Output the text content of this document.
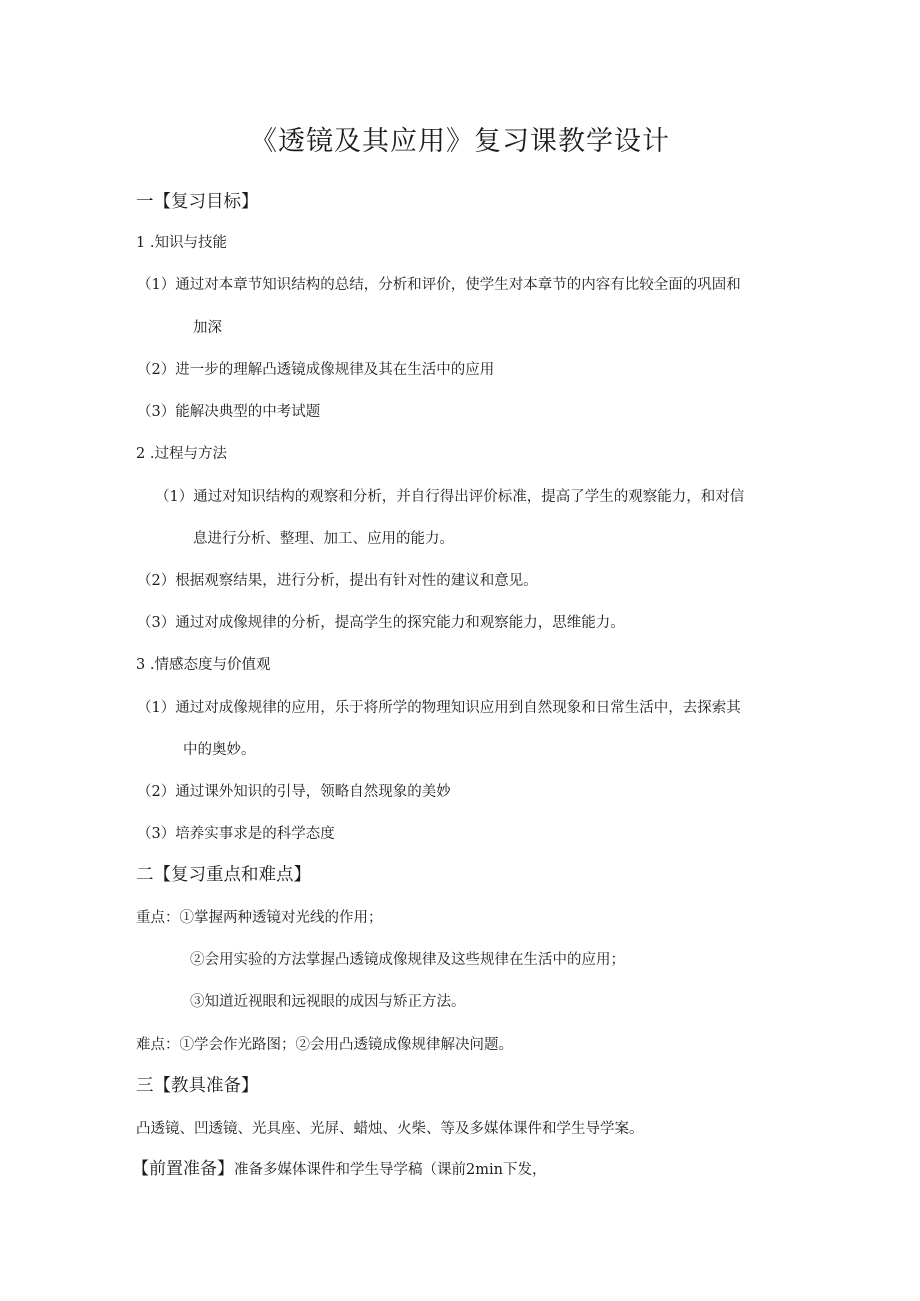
《透镜及其应用》复习课教学设计
一【复习目标】
1 .知识与技能
（1）通过对本章节知识结构的总结，分析和评价，使学生对本章节的内容有比较全面的巩固和
加深
（2）进一步的理解凸透镜成像规律及其在生活中的应用
（3）能解决典型的中考试题
2 .过程与方法
（1）通过对知识结构的观察和分析，并自行得出评价标准，提高了学生的观察能力，和对信
息进行分析、整理、加工、应用的能力。
（2）根据观察结果，进行分析，提出有针对性的建议和意见。
（3）通过对成像规律的分析，提高学生的探究能力和观察能力，思维能力。
3 .情感态度与价值观
（1）通过对成像规律的应用，乐于将所学的物理知识应用到自然现象和日常生活中，去探索其
中的奥妙。
（2）通过课外知识的引导，领略自然现象的美妙
（3）培养实事求是的科学态度
二【复习重点和难点】
重点：①掌握两种透镜对光线的作用；
②会用实验的方法掌握凸透镜成像规律及这些规律在生活中的应用；
③知道近视眼和远视眼的成因与矫正方法。
难点：①学会作光路图；②会用凸透镜成像规律解决问题。
三【教具准备】
凸透镜、凹透镜、光具座、光屏、蜡烛、火柴、等及多媒体课件和学生导学案。
【前置准备】准备多媒体课件和学生导学稿（课前2min下发，
